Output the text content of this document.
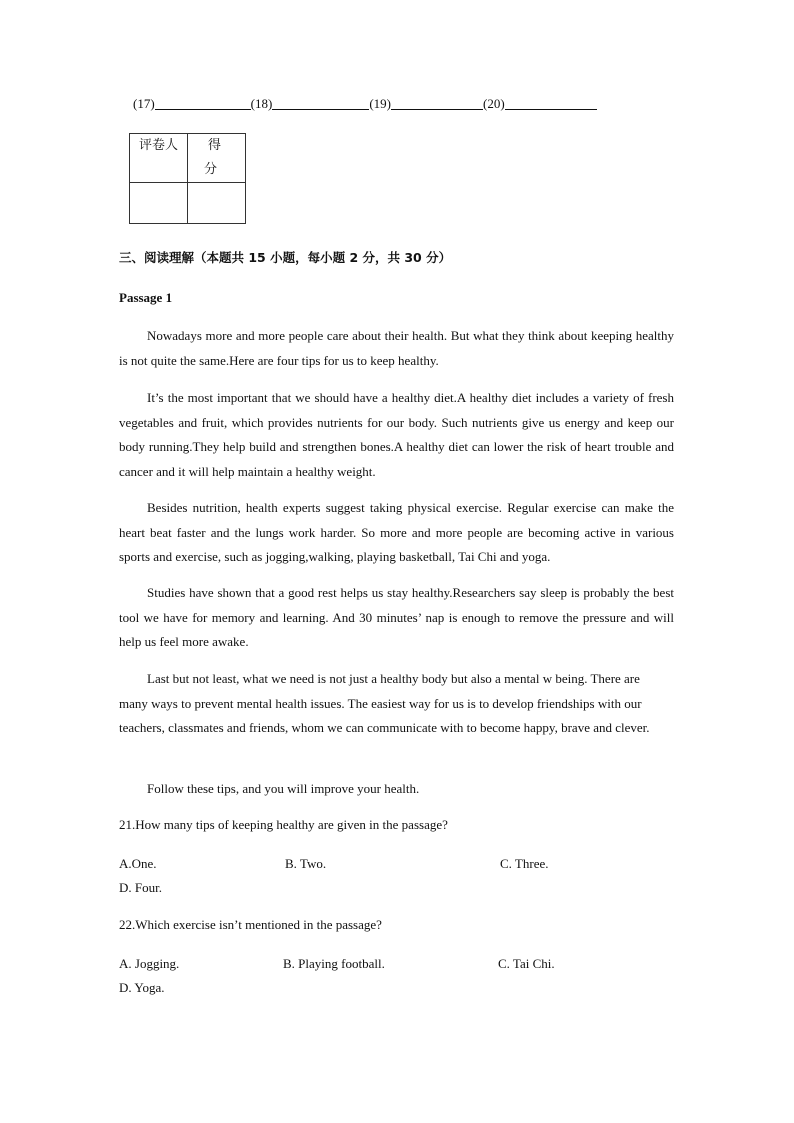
(17)	(18)	(19)	(20)
评卷人	得分

三、阅读理解（本题共 15 小题，每小题 2 分，共 30 分）
Passage 1
Nowadays more and more people care about their health. But what they think about keeping healthy is not quite the same.Here are four tips for us to keep healthy.
It’s the most important that we should have a healthy diet.A healthy diet includes a variety of fresh vegetables and fruit, which provides nutrients for our body. Such nutrients give us energy and keep our body running.They help build and strengthen bones.A healthy diet can lower the risk of heart trouble and cancer and it will help maintain a healthy weight.
Besides nutrition, health experts suggest taking physical exercise. Regular exercise can make the heart beat faster and the lungs work harder. So more and more people are becoming active in various sports and exercise, such as jogging,walking, playing basketball, Tai Chi and yoga.
Studies have shown that a good rest helps us stay healthy.Researchers say sleep is probably the best tool we have for memory and learning. And 30 minutes’ nap is enough to remove the pressure and will help us feel more awake.
Last but not least, what we need is not just a healthy body but also a mental w being. There are many ways to prevent mental health issues. The easiest way for us is to develop friendships with our teachers, classmates and friends, whom we can communicate with to become happy, brave and clever.
Follow these tips, and you will improve your health.
21.How many tips of keeping healthy are given in the passage?
A.One.	B. Two.	C. Three.
D. Four.
22.Which exercise isn’t mentioned in the passage?
A. Jogging.	B. Playing football.	C. Tai Chi.
D. Yoga.
